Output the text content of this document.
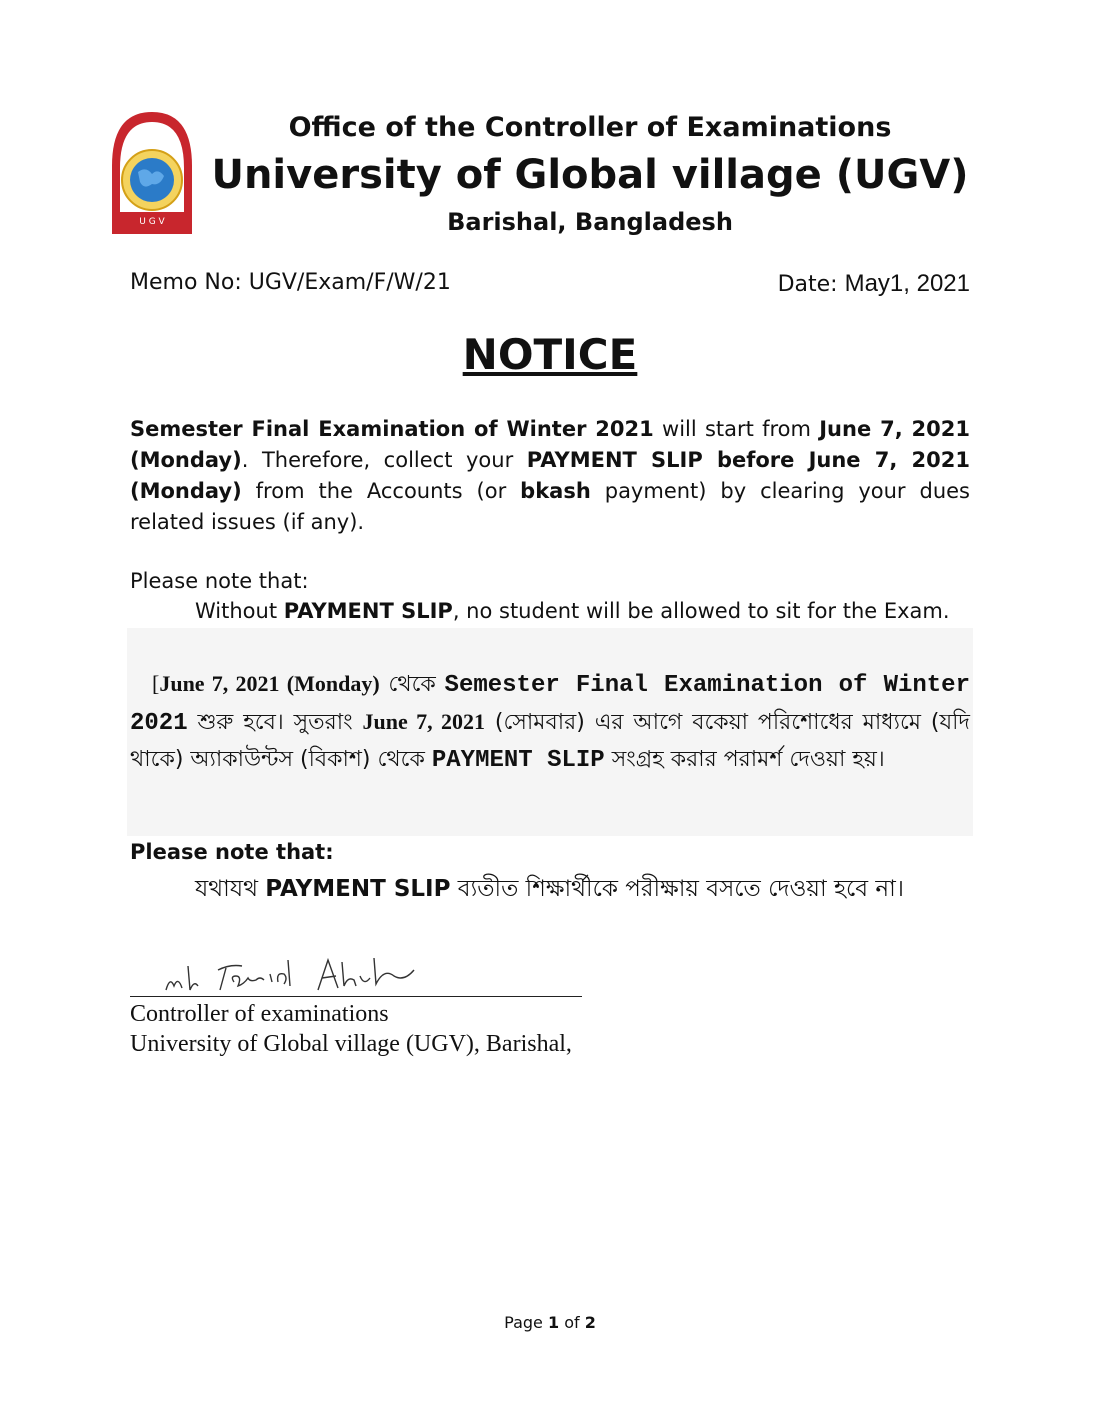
U G V
Office of the Controller of Examinations
University of Global village (UGV)
Barishal, Bangladesh
Memo No: UGV/Exam/F/W/21	Date: May1, 2021
NOTICE
Semester Final Examination of Winter 2021 will start from June 7, 2021 (Monday). Therefore, collect your PAYMENT SLIP before June 7, 2021 (Monday) from the Accounts (or bkash payment) by clearing your dues related issues (if any).
Please note that:
Without PAYMENT SLIP, no student will be allowed to sit for the Exam.
[June 7, 2021 (Monday) থেকে Semester Final Examination of Winter 2021 শুরু হবে। সুতরাং June 7, 2021 (সোমবার) এর আগে বকেয়া পরিশোধের মাধ্যমে (যদি থাকে) অ্যাকাউন্টস (বিকাশ) থেকে PAYMENT SLIP সংগ্রহ করার পরামর্শ দেওয়া হয়।
Please note that:
যথাযথ PAYMENT SLIP ব্যতীত শিক্ষার্থীকে পরীক্ষায় বসতে দেওয়া হবে না।
Controller of examinations
University of Global village (UGV), Barishal,
Page 1 of 2
